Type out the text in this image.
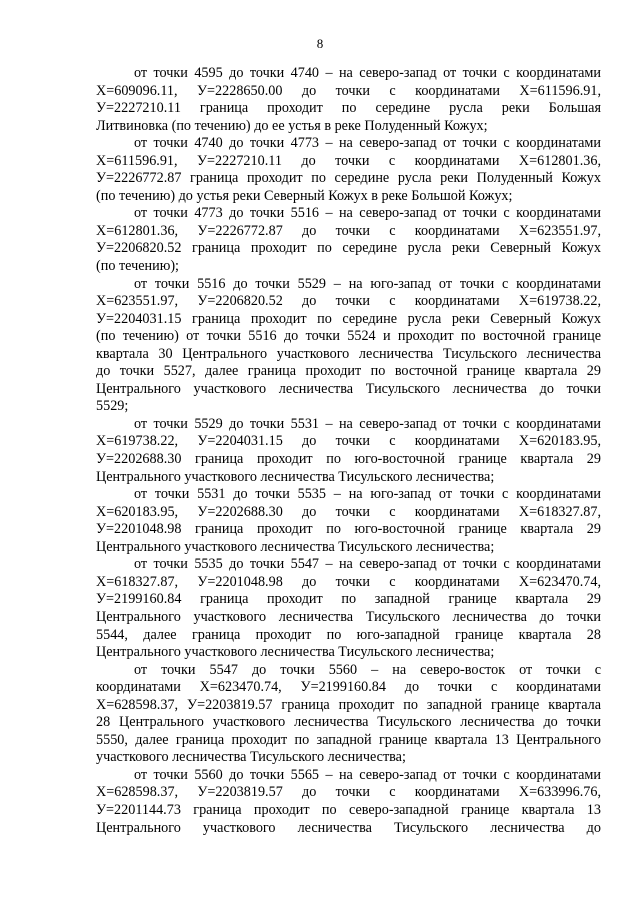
8
от точки 4595 до точки 4740 – на северо-запад от точки с координатами
Х=609096.11, У=2228650.00 до точки с координатами Х=611596.91,
У=2227210.11 граница проходит по середине русла реки Большая
Литвиновка (по течению) до ее устья в реке Полуденный Кожух;
от точки 4740 до точки 4773 – на северо-запад от точки с координатами
Х=611596.91, У=2227210.11 до точки с координатами Х=612801.36,
У=2226772.87 граница проходит по середине русла реки Полуденный Кожух
(по течению) до устья реки Северный Кожух в реке Большой Кожух;
от точки 4773 до точки 5516 – на северо-запад от точки с координатами
Х=612801.36, У=2226772.87 до точки с координатами Х=623551.97,
У=2206820.52 граница проходит по середине русла реки Северный Кожух
(по течению);
от точки 5516 до точки 5529 – на юго-запад от точки с координатами
Х=623551.97, У=2206820.52 до точки с координатами Х=619738.22,
У=2204031.15 граница проходит по середине русла реки Северный Кожух
(по течению) от точки 5516 до точки 5524 и проходит по восточной границе
квартала 30 Центрального участкового лесничества Тисульского лесничества
до точки 5527, далее граница проходит по восточной границе квартала 29
Центрального участкового лесничества Тисульского лесничества до точки
5529;
от точки 5529 до точки 5531 – на северо-запад от точки с координатами
Х=619738.22, У=2204031.15 до точки с координатами Х=620183.95,
У=2202688.30 граница проходит по юго-восточной границе квартала 29
Центрального участкового лесничества Тисульского лесничества;
от точки 5531 до точки 5535 – на юго-запад от точки с координатами
Х=620183.95, У=2202688.30 до точки с координатами Х=618327.87,
У=2201048.98 граница проходит по юго-восточной границе квартала 29
Центрального участкового лесничества Тисульского лесничества;
от точки 5535 до точки 5547 – на северо-запад от точки с координатами
Х=618327.87, У=2201048.98 до точки с координатами Х=623470.74,
У=2199160.84 граница проходит по западной границе квартала 29
Центрального участкового лесничества Тисульского лесничества до точки
5544, далее граница проходит по юго-западной границе квартала 28
Центрального участкового лесничества Тисульского лесничества;
от точки 5547 до точки 5560 – на северо-восток от точки с
координатами Х=623470.74, У=2199160.84 до точки с координатами
Х=628598.37, У=2203819.57 граница проходит по западной границе квартала
28 Центрального участкового лесничества Тисульского лесничества до точки
5550, далее граница проходит по западной границе квартала 13 Центрального
участкового лесничества Тисульского лесничества;
от точки 5560 до точки 5565 – на северо-запад от точки с координатами
Х=628598.37, У=2203819.57 до точки с координатами Х=633996.76,
У=2201144.73 граница проходит по северо-западной границе квартала 13
Центрального участкового лесничества Тисульского лесничества до
